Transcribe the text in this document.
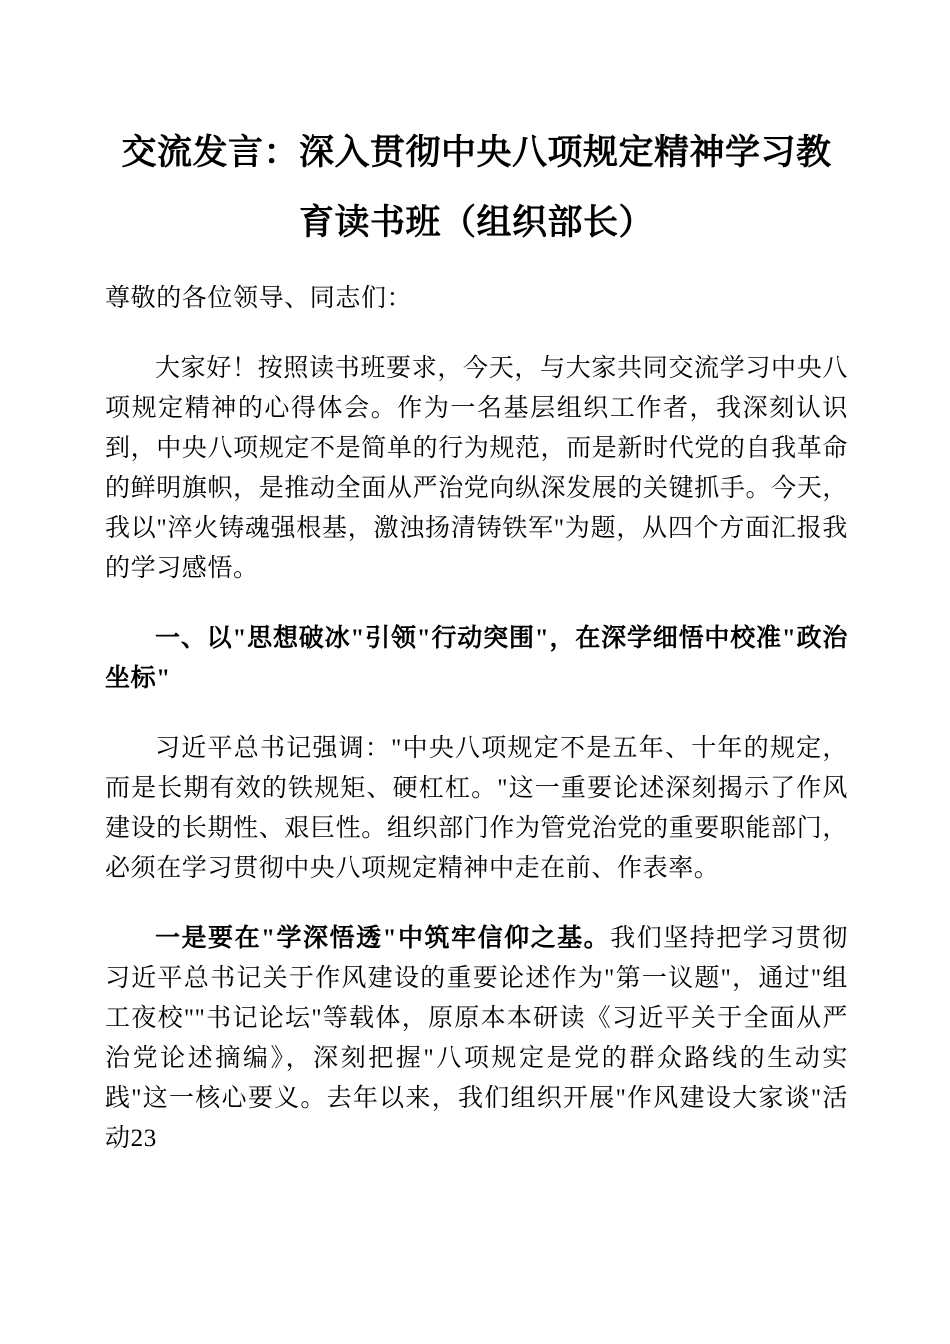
交流发言：深入贯彻中央八项规定精神学习教育读书班（组织部长）

尊敬的各位领导、同志们：

大家好！按照读书班要求，今天，与大家共同交流学习中央八项规定精神的心得体会。作为一名基层组织工作者，我深刻认识到，中央八项规定不是简单的行为规范，而是新时代党的自我革命的鲜明旗帜，是推动全面从严治党向纵深发展的关键抓手。今天，我以"淬火铸魂强根基，激浊扬清铸铁军"为题，从四个方面汇报我的学习感悟。

一、以"思想破冰"引领"行动突围"，在深学细悟中校准"政治坐标"

习近平总书记强调："中央八项规定不是五年、十年的规定，而是长期有效的铁规矩、硬杠杠。"这一重要论述深刻揭示了作风建设的长期性、艰巨性。组织部门作为管党治党的重要职能部门，必须在学习贯彻中央八项规定精神中走在前、作表率。

一是要在"学深悟透"中筑牢信仰之基。我们坚持把学习贯彻习近平总书记关于作风建设的重要论述作为"第一议题"，通过"组工夜校""书记论坛"等载体，原原本本研读《习近平关于全面从严治党论述摘编》，深刻把握"八项规定是党的群众路线的生动实践"这一核心要义。去年以来，我们组织开展"作风建设大家谈"活动23
